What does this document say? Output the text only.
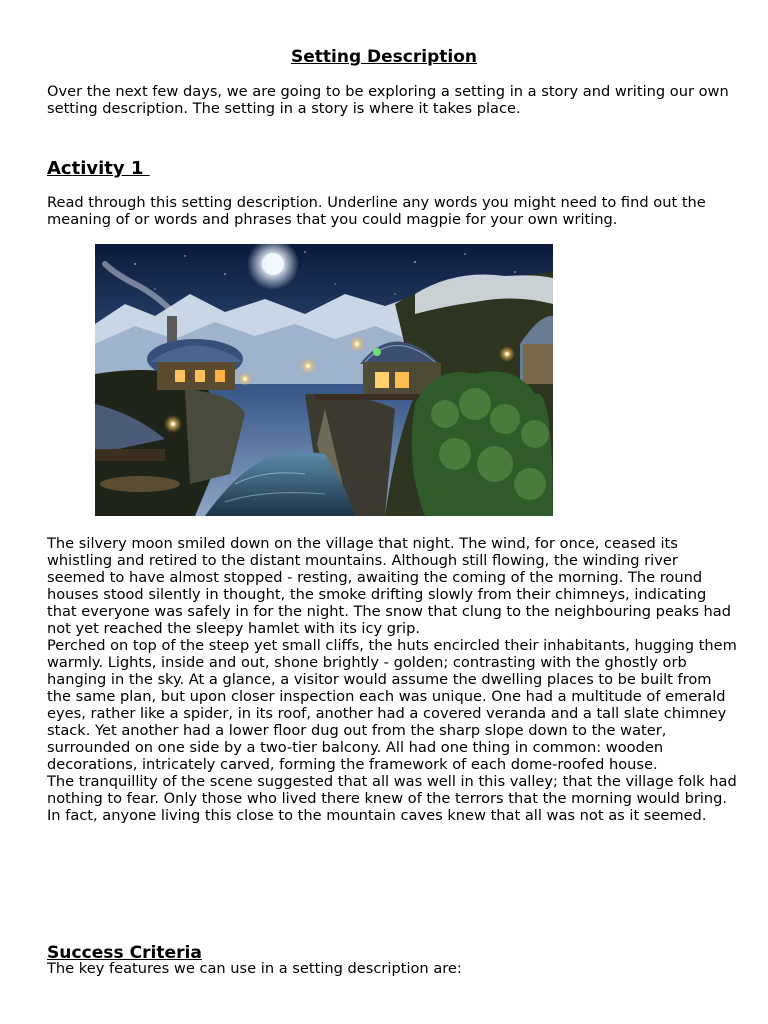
Setting Description

Over the next few days, we are going to be exploring a setting in a story and writing our own setting description. The setting in a story is where it takes place.

Activity 1

Read through this setting description. Underline any words you might need to find out the meaning of or words and phrases that you could magpie for your own writing.

The silvery moon smiled down on the village that night. The wind, for once, ceased its whistling and retired to the distant mountains. Although still flowing, the winding river seemed to have almost stopped - resting, awaiting the coming of the morning. The round houses stood silently in thought, the smoke drifting slowly from their chimneys, indicating that everyone was safely in for the night. The snow that clung to the neighbouring peaks had not yet reached the sleepy hamlet with its icy grip.

Perched on top of the steep yet small cliffs, the huts encircled their inhabitants, hugging them warmly. Lights, inside and out, shone brightly - golden; contrasting with the ghostly orb hanging in the sky. At a glance, a visitor would assume the dwelling places to be built from the same plan, but upon closer inspection each was unique. One had a multitude of emerald eyes, rather like a spider, in its roof, another had a covered veranda and a tall slate chimney stack. Yet another had a lower floor dug out from the sharp slope down to the water, surrounded on one side by a two-tier balcony. All had one thing in common: wooden decorations, intricately carved, forming the framework of each dome-roofed house.

The tranquillity of the scene suggested that all was well in this valley; that the village folk had nothing to fear. Only those who lived there knew of the terrors that the morning would bring. In fact, anyone living this close to the mountain caves knew that all was not as it seemed.

Success Criteria

The key features we can use in a setting description are:
